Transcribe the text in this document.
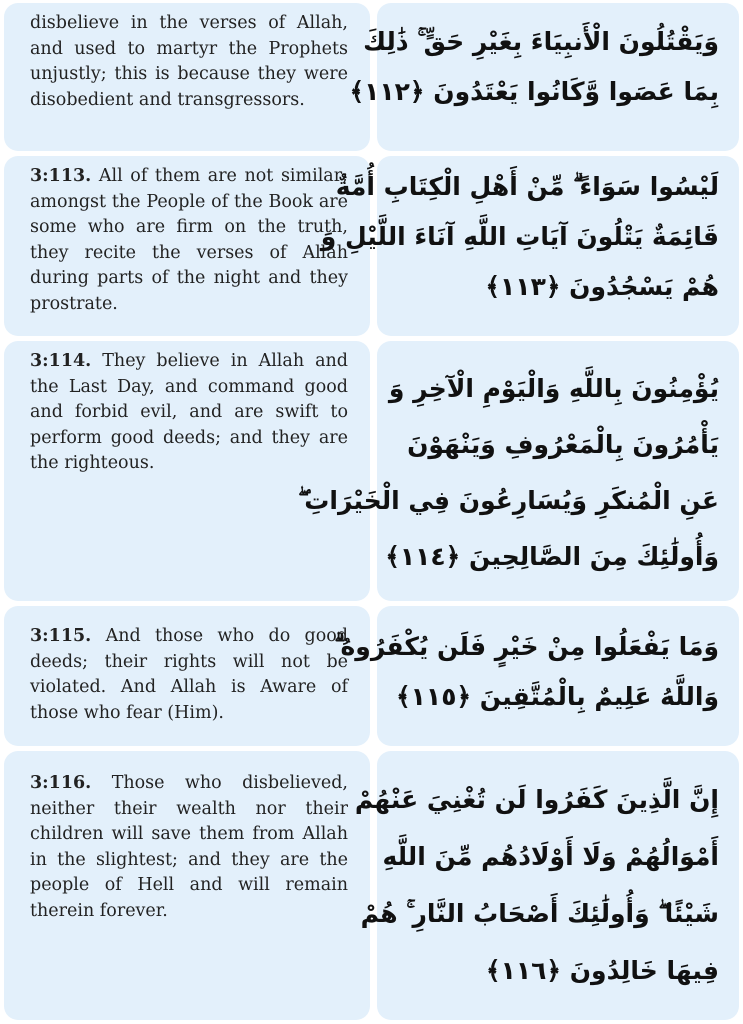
disbelieve in the verses of Allah, and used to martyr the Prophets unjustly; this is because they were disobedient and transgressors.
وَيَقْتُلُونَ الْأَنبِيَاءَ بِغَيْرِ حَقٍّ ۚ ذَٰلِكَ
بِمَا عَصَوا وَّكَانُوا يَعْتَدُونَ ﴿١١٢﴾
3:113. All of them are not similar; amongst the People of the Book are some who are firm on the truth, they recite the verses of Allah during parts of the night and they prostrate.
لَيْسُوا سَوَاءً ۗ مِّنْ أَهْلِ الْكِتَابِ أُمَّةٌ
قَائِمَةٌ يَتْلُونَ آيَاتِ اللَّهِ آنَاءَ اللَّيْلِ وَ
هُمْ يَسْجُدُونَ ﴿١١٣﴾
3:114. They believe in Allah and the Last Day, and command good and forbid evil, and are swift to perform good deeds; and they are the righteous.
يُؤْمِنُونَ بِاللَّهِ وَالْيَوْمِ الْآخِرِ وَ
يَأْمُرُونَ بِالْمَعْرُوفِ وَيَنْهَوْنَ
عَنِ الْمُنكَرِ وَيُسَارِعُونَ فِي الْخَيْرَاتِ ۖ
وَأُولَٰئِكَ مِنَ الصَّالِحِينَ ﴿١١٤﴾
3:115. And those who do good deeds; their rights will not be violated. And Allah is Aware of those who fear (Him).
وَمَا يَفْعَلُوا مِنْ خَيْرٍ فَلَن يُكْفَرُوهُ ۗ
وَاللَّهُ عَلِيمٌ بِالْمُتَّقِينَ ﴿١١٥﴾
3:116. Those who disbelieved, neither their wealth nor their children will save them from Allah in the slightest; and they are the people of Hell and will remain therein forever.
إِنَّ الَّذِينَ كَفَرُوا لَن تُغْنِيَ عَنْهُمْ
أَمْوَالُهُمْ وَلَا أَوْلَادُهُم مِّنَ اللَّهِ
شَيْئًا ۖ وَأُولَٰئِكَ أَصْحَابُ النَّارِ ۚ هُمْ
فِيهَا خَالِدُونَ ﴿١١٦﴾
